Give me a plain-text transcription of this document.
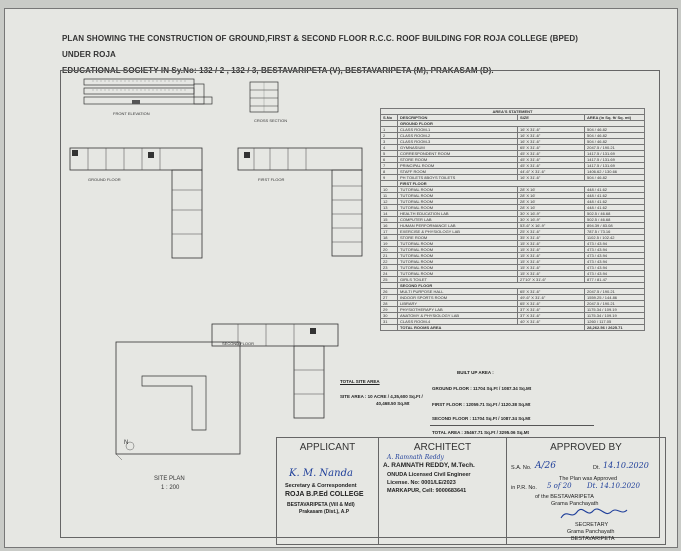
PLAN SHOWING THE CONSTRUCTION OF GROUND,FIRST & SECOND FLOOR R.C.C. ROOF BUILDING FOR ROJA COLLEGE (BPED) UNDER ROJA
EDUCATIONAL SOCIETY IN Sy.No: 132 / 2 , 132 / 3, BESTAVARIPETA (V), BESTAVARIPETA (M), PRAKASAM (D).
FRONT ELEVATION
CROSS SECTION
GROUND FLOOR	FIRST FLOOR
SECOND FLOOR
N
SITE PLAN
1 : 200
AREA'S STATEMENT			
S.No	DESCRIPTION	SIZE	AREA (in Sq. ft/ Sq. mt)
	GROUND FLOOR		
1	CLASS ROOM-1	16' X 31'-6"	504 / 46.82
2	CLASS ROOM-2	16' X 31'-6"	504 / 46.82
3	CLASS ROOM-3	16' X 31'-6"	504 / 46.82
4	GYMNASIUM	65' X 31'-6"	2047.5 / 190.21
5	CORRESPONDENT ROOM	45' X 31'-6"	1417.5 / 131.69
6	STORE ROOM	45' X 31'-6"	1417.5 / 131.69
7	PRINCIPAL ROOM	45' X 31'-6"	1417.5 / 131.69
8	STAFF ROOM	44'-6" X 31'-6"	1406.62 / 130.66
9	PH TOILETS 8BOYS TOILETS	16' X 31'-6"	504 / 46.82
	FIRST FLOOR		
10	TUTORIAL ROOM	28' X 16'	448 / 41.62
11	TUTORIAL ROOM	28' X 16'	448 / 41.62
12	TUTORIAL ROOM	28' X 16'	448 / 41.62
13	TUTORIAL ROOM	28' X 16'	448 / 41.62
14	HEALTH EDUCATION LAB	30' X 16'-9"	502.5 / 46.68
15	COMPUTER LAB	30' X 16'-9"	502.5 / 46.68
16	HUMAN PERFORMANCE LAB	53'-6" X 16'-9"	894.39 / 83.08
17	EXERCISE & PHYSIOLOGY LAB	25' X 31'-6"	787.5 / 73.16
18	STORE ROOM	35' X 31'-6"	1102.5 / 102.42
19	TUTORIAL ROOM	15' X 31'-6"	473 / 43.94
20	TUTORIAL ROOM	15' X 31'-6"	473 / 43.94
21	TUTORIAL ROOM	15' X 31'-6"	473 / 43.94
22	TUTORIAL ROOM	15' X 31'-6"	473 / 43.94
23	TUTORIAL ROOM	15' X 31'-6"	473 / 43.94
24	TUTORIAL ROOM	15' X 31'-6"	473 / 43.94
25	GIRLS TOILET	27'10" X 31'-6"	877 / 81.47
	SECOND FLOOR		
26	MULTI PURPOSE HALL	65' X 31'-6"	2047.5 / 190.21
27	INDOOR SPORTS ROOM	49'-6" X 31'-6"	1559.25 / 144.86
28	LIBRARY	65' X 31'-6"	2047.5 / 190.21
29	PHYSIOTHERAPY LAB	37' X 31'-6"	1175.34 / 109.19
30	ANATOMY & PHYSIOLOGY LAB	37' X 31'-6"	1175.34 / 109.19
31	CLASS ROOM-4	40' X 31'-6"	1260 / 117.05
	TOTAL ROOMS AREA		28,262.56 / 2625.71
TOTAL SITE AREA
SITE AREA : 10 ACRE / 4,35,600 Sq.Ft /
40,468.50 Sq.Mt
BUILT UP AREA :
GROUND FLOOR : 11704 Sq.Ft / 1087.34 Sq.Mt
FIRST FLOOR : 12059.71 Sq.Ft / 1120.38 Sq.Mt
SECOND FLOOR : 11704 Sq.Ft / 1087.34 Sq.Mt
TOTAL AREA : 35467.71 Sq.Ft / 3295.06 Sq.Mt
APPLICANT
K. M. Nanda
Secretary & Correspondent
ROJA B.P.Ed COLLEGE
BESTAVARIPETA (Vill & Mdl)
Prakasam (Dist.), A.P
ARCHITECT
A. Ramnath Reddy
A. RAMNATH REDDY, M.Tech.
ONUDA Licensed Civil Engineer
License. No: 0001/LE/2023
MARKAPUR, Cell: 9000683641
APPROVED BY
S.A. No. A/26	Dt. 14.10.2020
The Plan was Approved
in P.R. No. 5 of 20 Dt. 14.10.2020
of the BESTAVARIPETA
Grama Panchayath
SECRETARY
Grama Panchayath
BESTAVARIPETA
